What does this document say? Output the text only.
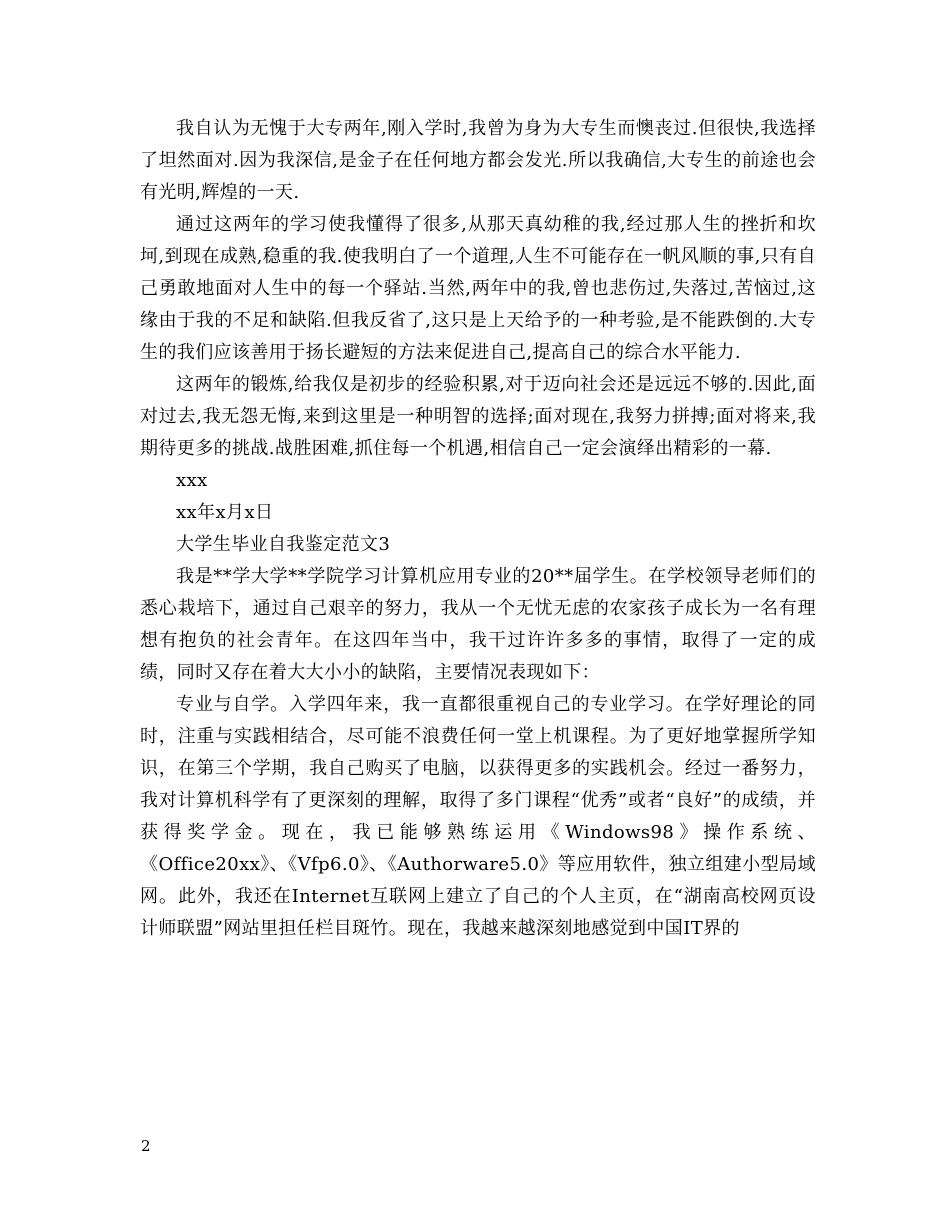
我自认为无愧于大专两年,刚入学时,我曾为身为大专生而懊丧过.但很快,我选择了坦然面对.因为我深信,是金子在任何地方都会发光.所以我确信,大专生的前途也会有光明,辉煌的一天.

通过这两年的学习使我懂得了很多,从那天真幼稚的我,经过那人生的挫折和坎坷,到现在成熟,稳重的我.使我明白了一个道理,人生不可能存在一帆风顺的事,只有自己勇敢地面对人生中的每一个驿站.当然,两年中的我,曾也悲伤过,失落过,苦恼过,这缘由于我的不足和缺陷.但我反省了,这只是上天给予的一种考验,是不能跌倒的.大专生的我们应该善用于扬长避短的方法来促进自己,提高自己的综合水平能力.

这两年的锻炼,给我仅是初步的经验积累,对于迈向社会还是远远不够的.因此,面对过去,我无怨无悔,来到这里是一种明智的选择;面对现在,我努力拼搏;面对将来,我期待更多的挑战.战胜困难,抓住每一个机遇,相信自己一定会演绎出精彩的一幕.

xxx

xx年x月x日

大学生毕业自我鉴定范文3

我是**学大学**学院学习计算机应用专业的20**届学生。在学校领导老师们的悉心栽培下，通过自己艰辛的努力，我从一个无忧无虑的农家孩子成长为一名有理想有抱负的社会青年。在这四年当中，我干过许许多多的事情，取得了一定的成绩，同时又存在着大大小小的缺陷，主要情况表现如下：

专业与自学。入学四年来，我一直都很重视自己的专业学习。在学好理论的同时，注重与实践相结合，尽可能不浪费任何一堂上机课程。为了更好地掌握所学知识，在第三个学期，我自己购买了电脑，以获得更多的实践机会。经过一番努力，我对计算机科学有了更深刻的理解，取得了多门课程“优秀”或者“良好”的成绩，并获得奖学金。现在，我已能够熟练运用《Windows98》操作系统、《Office20xx》、《Vfp6.0》、《Authorware5.0》等应用软件，独立组建小型局域网。此外，我还在Internet互联网上建立了自己的个人主页，在“湖南高校网页设计师联盟”网站里担任栏目斑竹。现在，我越来越深刻地感觉到中国IT界的

2
